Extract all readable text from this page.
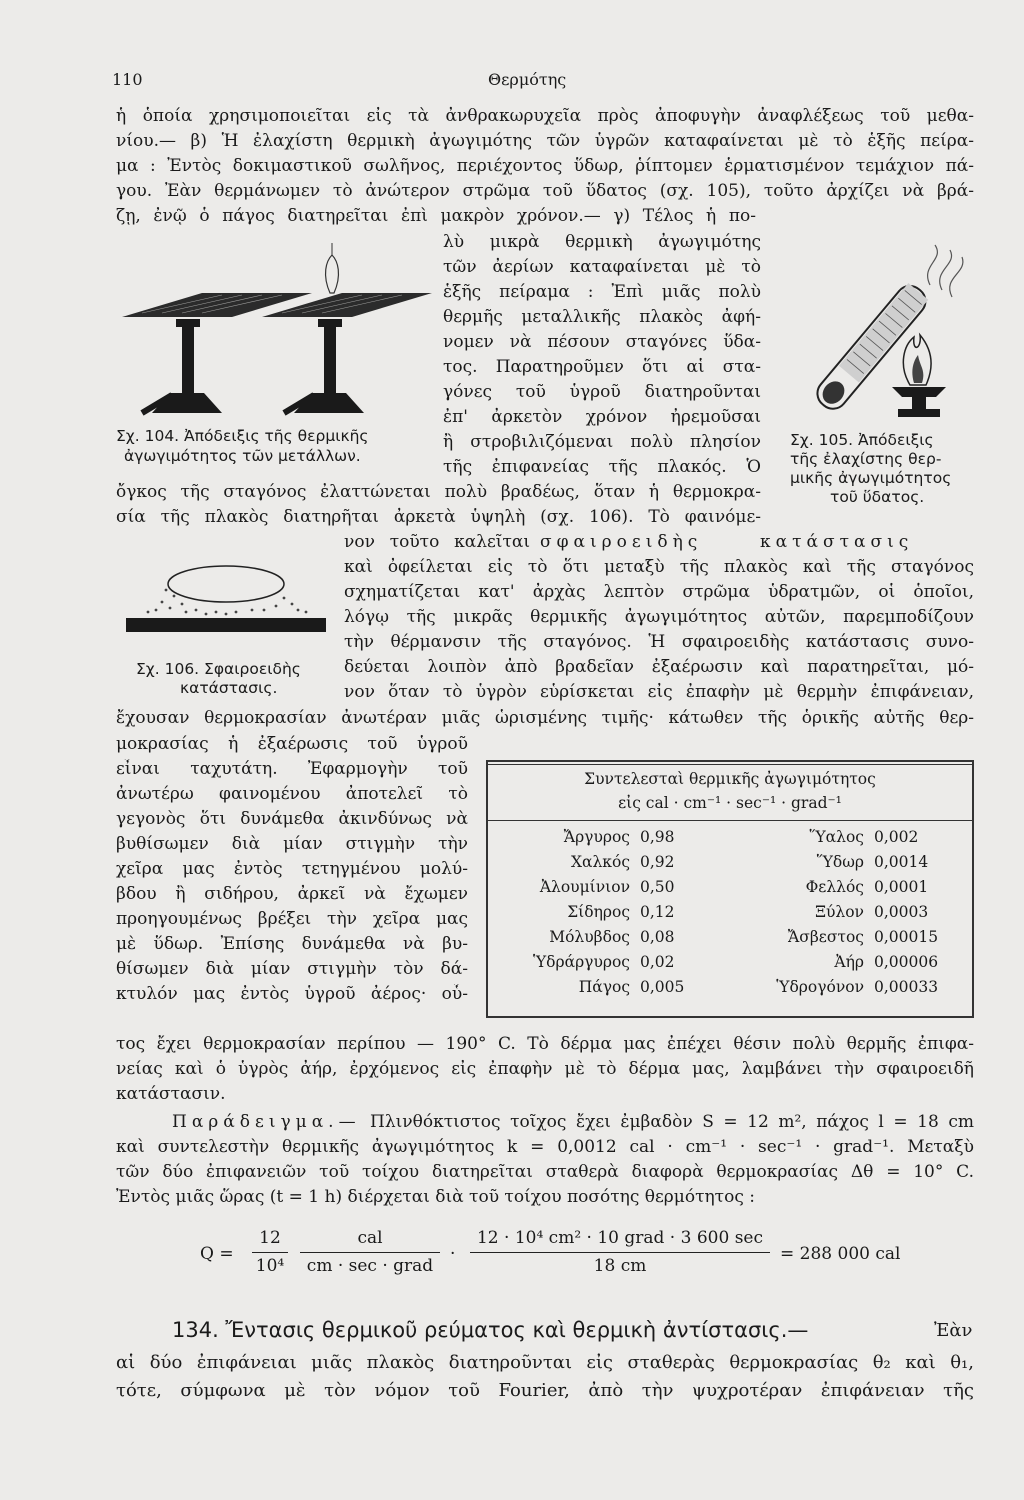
110	Θερμότης
ἡ ὁποία χρησιμοποιεῖται εἰς τὰ ἀνθρακωρυχεῖα πρὸς ἀποφυγὴν ἀναφλέξεως τοῦ μεθα-
νίου.— β) Ἡ ἐλαχίστη θερμικὴ ἀγωγιμότης τῶν ὑγρῶν καταφαίνεται μὲ τὸ ἑξῆς πείρα-
μα : Ἐντὸς δοκιμαστικοῦ σωλῆνος, περιέχοντος ὕδωρ, ῥίπτομεν ἑρματισμένον τεμάχιον πά-
γου. Ἐὰν θερμάνωμεν τὸ ἀνώτερον στρῶμα τοῦ ὕδατος (σχ. 105), τοῦτο ἀρχίζει νὰ βρά-
ζῃ, ἐνῷ ὁ πάγος διατηρεῖται ἐπὶ μακρὸν χρόνον.— γ) Τέλος ἡ πο-
λὺ μικρὰ θερμικὴ ἀγωγιμότης
τῶν ἀερίων καταφαίνεται μὲ τὸ
ἑξῆς πείραμα : Ἐπὶ μιᾶς πολὺ
θερμῆς μεταλλικῆς πλακὸς ἀφή-
νομεν νὰ πέσουν σταγόνες ὕδα-
τος. Παρατηροῦμεν ὅτι αἱ στα-
γόνες τοῦ ὑγροῦ διατηροῦνται
ἐπ' ἀρκετὸν χρόνον ἠρεμοῦσαι
ἢ στροβιλιζόμεναι πολὺ πλησίον
τῆς ἐπιφανείας τῆς πλακός. Ὁ
Σχ. 104. Ἀπόδειξις τῆς θερμικῆς
ἀγωγιμότητος τῶν μετάλλων.
Σχ. 105. Ἀπόδειξις
τῆς ἐλαχίστης θερ-
μικῆς ἀγωγιμότητος
τοῦ ὕδατος.
ὄγκος τῆς σταγόνος ἐλαττώνεται πολὺ βραδέως, ὅταν ἡ θερμοκρα-
σία τῆς πλακὸς διατηρῆται ἀρκετὰ ὑψηλὴ (σχ. 106). Τὸ φαινόμε-
νον τοῦτο καλεῖται σφαιροειδὴς	κατάστασις
Σχ. 106. Σφαιροειδὴς
κατάστασις.
καὶ ὀφείλεται εἰς τὸ ὅτι μεταξὺ τῆς πλακὸς καὶ τῆς σταγόνος
σχηματίζεται κατ' ἀρχὰς λεπτὸν στρῶμα ὑδρατμῶν, οἱ ὁποῖοι,
λόγῳ τῆς μικρᾶς θερμικῆς ἀγωγιμότητος αὐτῶν, παρεμποδίζουν
τὴν θέρμανσιν τῆς σταγόνος. Ἡ σφαιροειδὴς κατάστασις συνο-
δεύεται λοιπὸν ἀπὸ βραδεῖαν ἐξαέρωσιν καὶ παρατηρεῖται, μό-
νον ὅταν τὸ ὑγρὸν εὑρίσκεται εἰς ἐπαφὴν μὲ θερμὴν ἐπιφάνειαν,
ἔχουσαν θερμοκρασίαν ἀνωτέραν μιᾶς ὡρισμένης τιμῆς· κάτωθεν τῆς ὁρικῆς αὐτῆς θερ-
μοκρασίας ἡ ἐξαέρωσις τοῦ ὑγροῦ
εἶναι ταχυτάτη. Ἐφαρμογὴν τοῦ
ἀνωτέρω φαινομένου ἀποτελεῖ τὸ
γεγονὸς ὅτι δυνάμεθα ἀκινδύνως νὰ
βυθίσωμεν διὰ μίαν στιγμὴν τὴν
χεῖρα μας ἐντὸς τετηγμένου μολύ-
βδου ἢ σιδήρου, ἀρκεῖ νὰ ἔχωμεν
προηγουμένως βρέξει τὴν χεῖρα μας
μὲ ὕδωρ. Ἐπίσης δυνάμεθα νὰ βυ-
θίσωμεν διὰ μίαν στιγμὴν τὸν δά-
κτυλόν μας ἐντὸς ὑγροῦ ἀέρος· οὗ-
Συντελεσταὶ θερμικῆς ἀγωγιμότητος
εἰς cal · cm⁻¹ · sec⁻¹ · grad⁻¹
Ἄργυρος 0,98	Ὕαλος 0,002
Χαλκός 0,92	Ὕδωρ 0,0014
Ἀλουμίνιον 0,50	Φελλός 0,0001
Σίδηρος 0,12	Ξύλον 0,0003
Μόλυβδος 0,08	Ἄσβεστος 0,00015
Ὑδράργυρος 0,02	Ἀήρ 0,00006
Πάγος 0,005	Ὑδρογόνον 0,00033
τος ἔχει θερμοκρασίαν περίπου — 190° C. Τὸ δέρμα μας ἐπέχει θέσιν πολὺ θερμῆς ἐπιφα-
νείας καὶ ὁ ὑγρὸς ἀήρ, ἐρχόμενος εἰς ἐπαφὴν μὲ τὸ δέρμα μας, λαμβάνει τὴν σφαιροειδῆ
κατάστασιν.
Παράδειγμα.— Πλινθόκτιστος τοῖχος ἔχει ἐμβαδὸν S = 12 m², πάχος l = 18 cm
καὶ συντελεστὴν θερμικῆς ἀγωγιμότητος k = 0,0012 cal · cm⁻¹ · sec⁻¹ · grad⁻¹. Μεταξὺ
τῶν δύο ἐπιφανειῶν τοῦ τοίχου διατηρεῖται σταθερὰ διαφορὰ θερμοκρασίας Δθ = 10° C.
Ἐντὸς μιᾶς ὥρας (t = 1 h) διέρχεται διὰ τοῦ τοίχου ποσότης θερμότητος :
Q =
12
10⁴
cal
cm · sec · grad
·
12 · 10⁴ cm² · 10 grad · 3 600 sec
18 cm
= 288 000 cal
134. Ἔντασις θερμικοῦ ρεύματος καὶ θερμικὴ ἀντίστασις.—	Ἐὰν
αἱ δύο ἐπιφάνειαι μιᾶς πλακὸς διατηροῦνται εἰς σταθερὰς θερμοκρασίας θ₂ καὶ θ₁,
τότε, σύμφωνα μὲ τὸν νόμον τοῦ Fourier, ἀπὸ τὴν ψυχροτέραν ἐπιφάνειαν τῆς
